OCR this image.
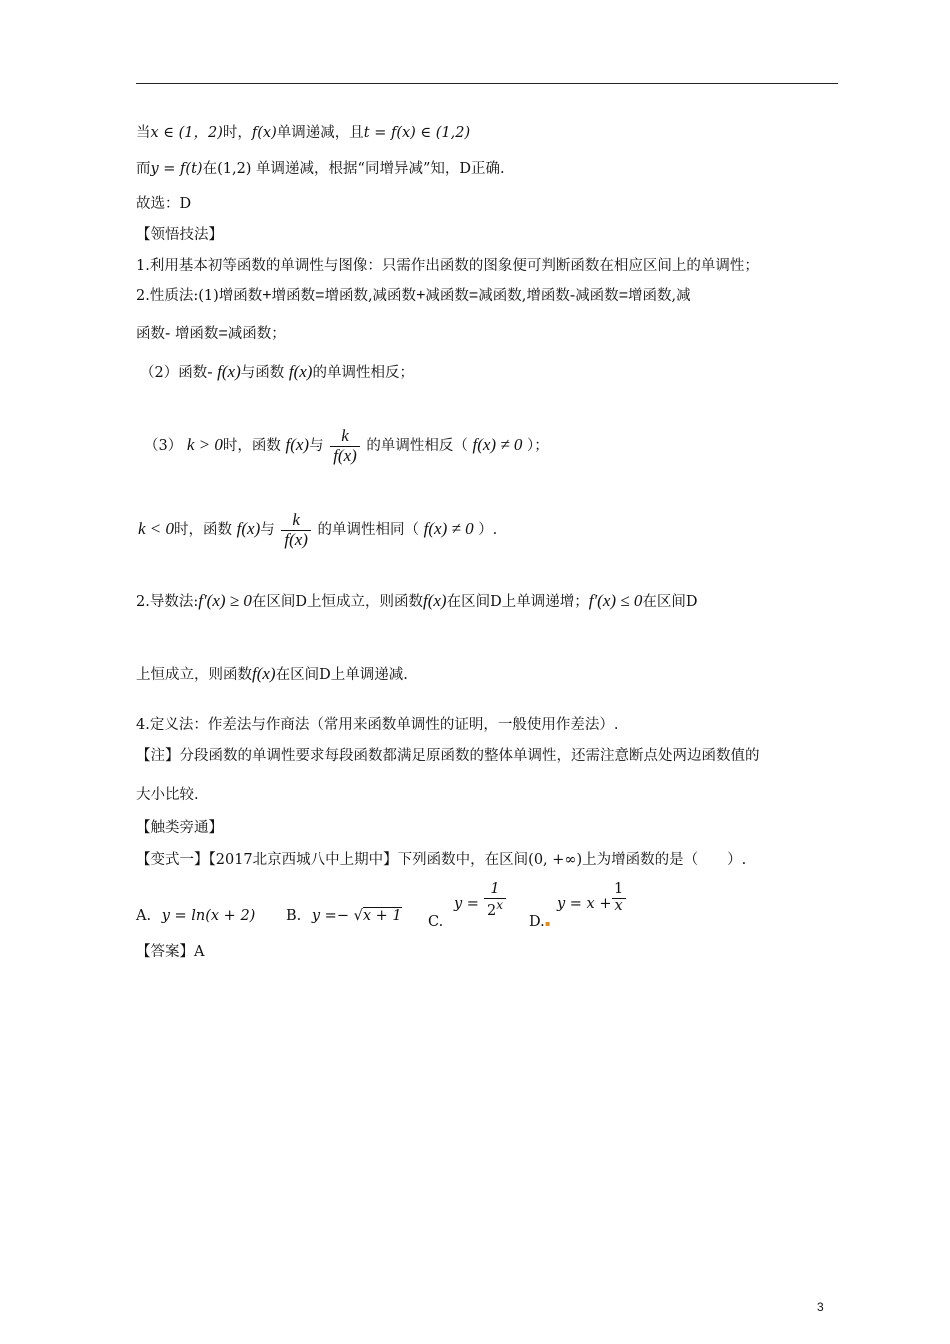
当x ∈ (1，2)时，f(x)单调递减，且t = f(x) ∈ (1,2)
而y = f(t)在(1,2) 单调递减，根据“同增异减”知，D正确.
故选：D
【领悟技法】
1.利用基本初等函数的单调性与图像：只需作出函数的图象便可判断函数在相应区间上的单调性；
2.性质法:(1)增函数+增函数=增函数,减函数+减函数=减函数,增函数-减函数=增函数,减
函数- 增函数=减函数；
（2）函数- f(x)与函数 f(x)的单调性相反；
（3） k > 0时，函数 f(x)与 $\frac{k}{f(x)}$ 的单调性相反（ f(x) ≠ 0 ）；
k < 0时，函数 f(x)与 $\frac{k}{f(x)}$ 的单调性相同（ f(x) ≠ 0 ）.
2.导数法:f′(x) ≥ 0在区间D上恒成立，则函数f(x)在区间D上单调递增；f′(x) ≤ 0在区间D
上恒成立，则函数f(x)在区间D上单调递减.
4.定义法：作差法与作商法（常用来函数单调性的证明，一般使用作差法）.
【注】分段函数的单调性要求每段函数都满足原函数的整体单调性，还需注意断点处两边函数值的
大小比较.
【触类旁通】
【变式一】【2017北京西城八中上期中】下列函数中，在区间(0, +∞)上为增函数的是（　　）.
A. y = ln(x + 2) B. y =− √x + 1 C.
$y = \frac{1}{2^x}$
D. ▪
$y = x + \frac{1}{x}$
【答案】A
3
